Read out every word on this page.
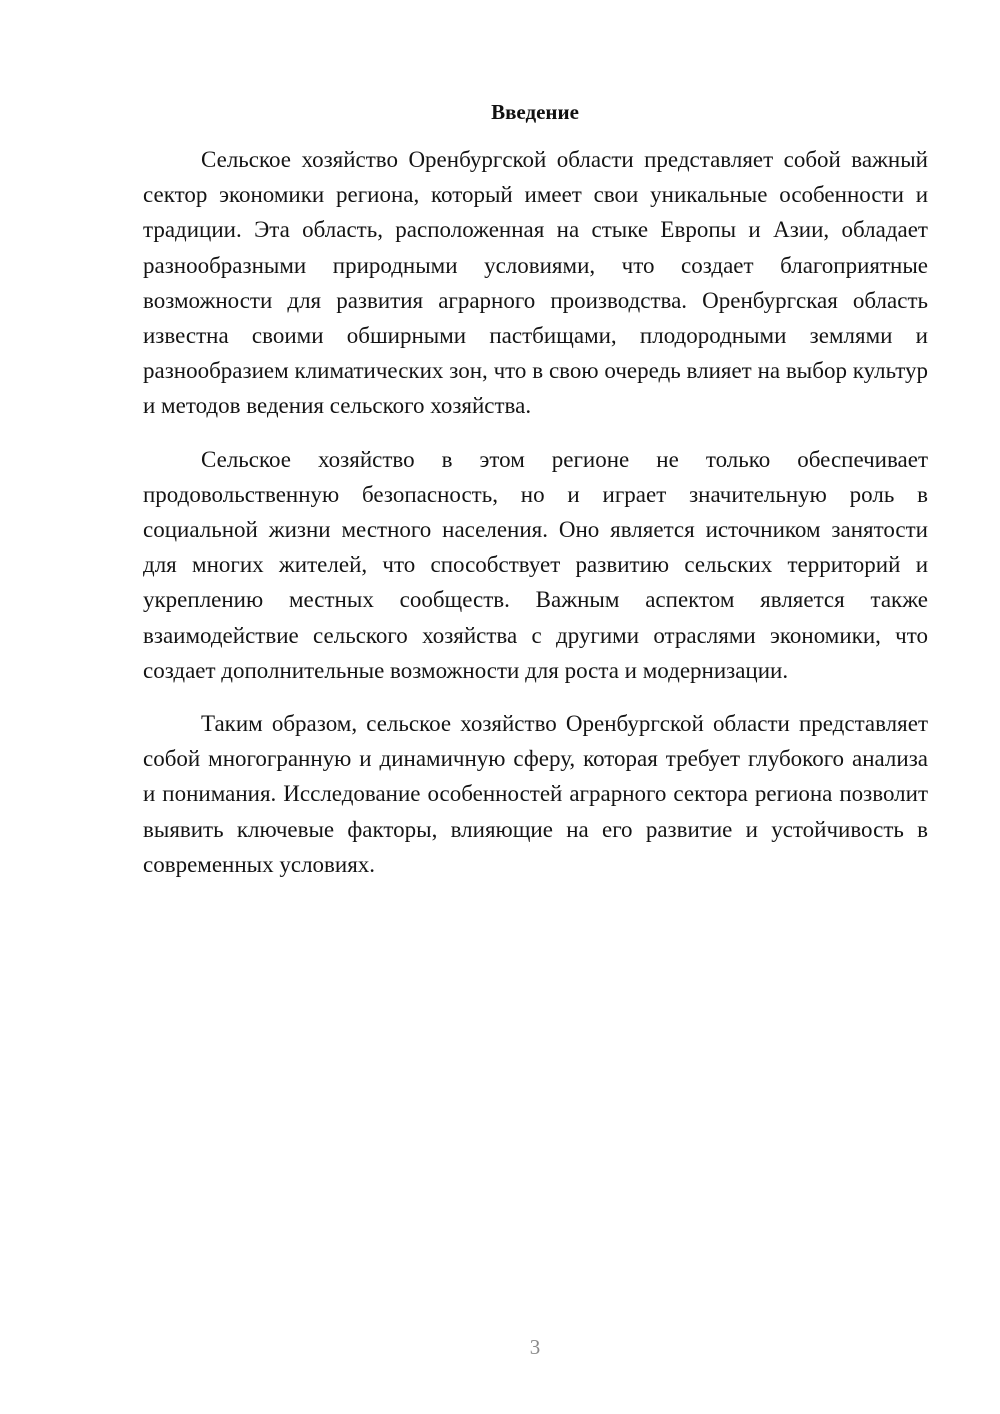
Введение

Сельское хозяйство Оренбургской области представляет собой важный сектор экономики региона, который имеет свои уникальные особенности и традиции. Эта область, расположенная на стыке Европы и Азии, обладает разнообразными природными условиями, что создает благоприятные возможности для развития аграрного производства. Оренбургская область известна своими обширными пастбищами, плодородными землями и разнообразием климатических зон, что в свою очередь влияет на выбор культур и методов ведения сельского хозяйства.

Сельское хозяйство в этом регионе не только обеспечивает продовольственную безопасность, но и играет значительную роль в социальной жизни местного населения. Оно является источником занятости для многих жителей, что способствует развитию сельских территорий и укреплению местных сообществ. Важным аспектом является также взаимодействие сельского хозяйства с другими отраслями экономики, что создает дополнительные возможности для роста и модернизации.

Таким образом, сельское хозяйство Оренбургской области представляет собой многогранную и динамичную сферу, которая требует глубокого анализа и понимания. Исследование особенностей аграрного сектора региона позволит выявить ключевые факторы, влияющие на его развитие и устойчивость в современных условиях.

3
